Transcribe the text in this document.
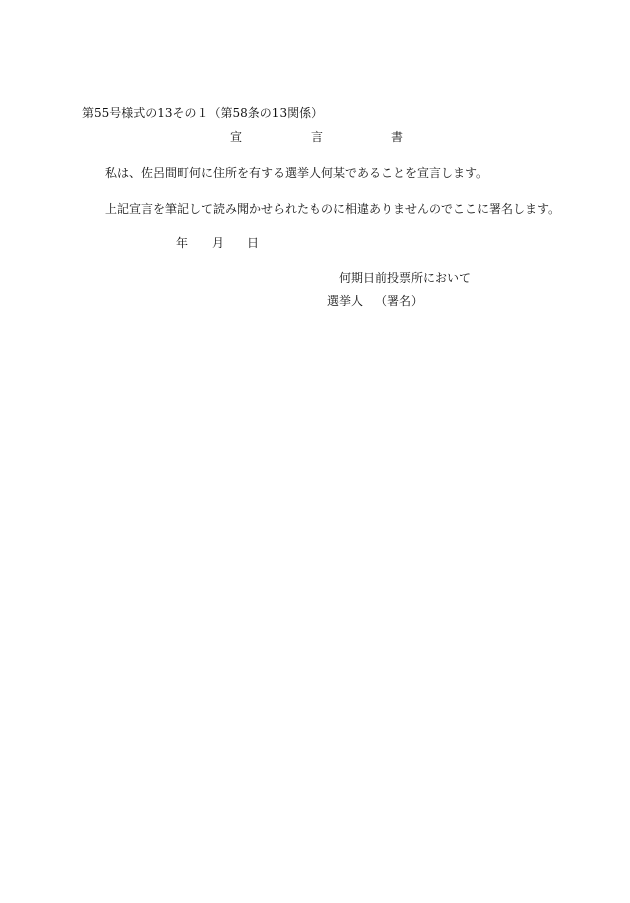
第55号様式の13その１（第58条の13関係）
宣	言	書
私は、佐呂間町何に住所を有する選挙人何某であることを宣言します。
上記宣言を筆記して読み聞かせられたものに相違ありませんのでここに署名します。
年 月 日
何期日前投票所において
選挙人 （署名）
